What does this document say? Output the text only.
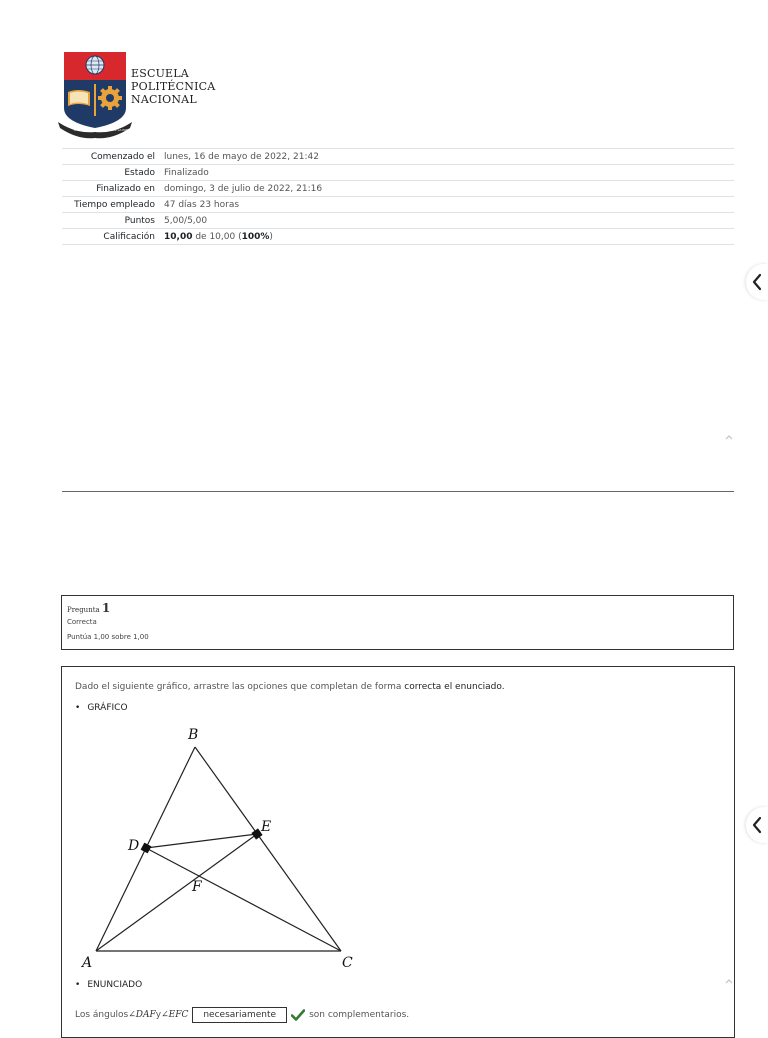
ESCUELA
POLITÉCNICA
NACIONAL
LA TÉCNICA AL SERVICIO DE LA PATRIA
Comenzado el	lunes, 16 de mayo de 2022, 21:42
Estado	Finalizado
Finalizado en	domingo, 3 de julio de 2022, 21:16
Tiempo empleado	47 días 23 horas
Puntos	5,00/5,00
Calificación	10,00 de 10,00 (100%)
Pregunta 1
Correcta
Puntúa 1,00 sobre 1,00
Dado el siguiente gráfico, arrastre las opciones que completan de forma correcta el enunciado.
• GRÁFICO
B
E
D
F
A	C
• ENUNCIADO
Los ángulos ∠DAF y ∠EFC	necesariamente	son complementarios.
